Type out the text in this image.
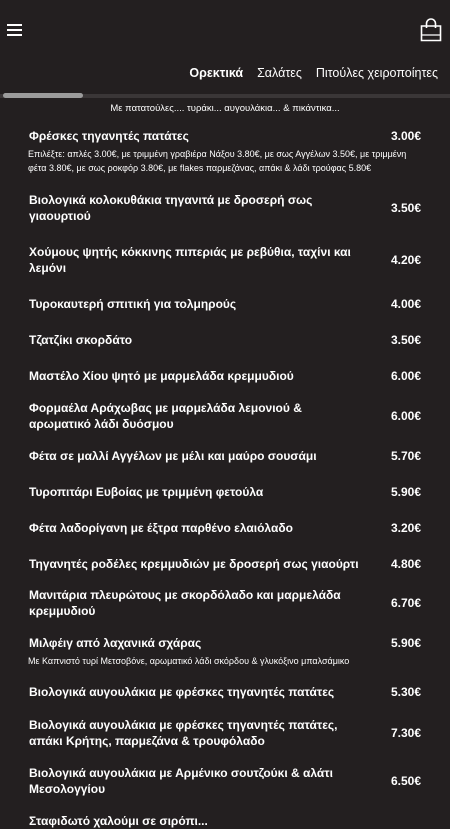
Ορεκτικά Σαλάτες Πιτούλες χειροποίητες
Με πατατούλες.... τυράκι... αυγουλάκια... & πικάντικα...
Φρέσκες τηγανητές πατάτες	3.00€
Επιλέξτε: απλές 3.00€, με τριμμένη γραβιέρα Νάξου 3.80€, με σως Αγγέλων 3.50€, με τριμμένη φέτα 3.80€, με σως ροκφόρ 3.80€, με flakes παρμεζάνας, απάκι & λάδι τρούφας 5.80€
Βιολογικά κολοκυθάκια τηγανιτά με δροσερή σως γιαουρτιού
3.50€
Χούμους ψητής κόκκινης πιπεριάς με ρεβύθια, ταχίνι και λεμόνι
4.20€
Τυροκαυτερή σπιτική για τολμηρούς	4.00€
Τζατζίκι σκορδάτο	3.50€
Μαστέλο Χίου ψητό με μαρμελάδα κρεμμυδιού	6.00€
Φορμαέλα Αράχωβας με μαρμελάδα λεμονιού & αρωματικό λάδι δυόσμου
6.00€
Φέτα σε μαλλί Αγγέλων με μέλι και μαύρο σουσάμι	5.70€
Τυροπιτάρι Ευβοίας με τριμμένη φετούλα	5.90€
Φέτα λαδορίγανη με έξτρα παρθένο ελαιόλαδο	3.20€
Τηγανητές ροδέλες κρεμμυδιών με δροσερή σως γιαούρτι	4.80€
Μανιτάρια πλευρώτους με σκορδόλαδο και μαρμελάδα κρεμμυδιού
6.70€
Μιλφέιγ από λαχανικά σχάρας	5.90€
Με Καπνιστό τυρί Μετσοβόνε, αρωματικό λάδι σκόρδου & γλυκόξινο μπαλσάμικο
Βιολογικά αυγουλάκια με φρέσκες τηγανητές πατάτες	5.30€
Βιολογικά αυγουλάκια με φρέσκες τηγανητές πατάτες, απάκι Κρήτης, παρμεζάνα & τρουφόλαδο
7.30€
Βιολογικά αυγουλάκια με Αρμένικο σουτζούκι & αλάτι Μεσολογγίου
6.50€
Σταφιδωτό χαλούμι σε σιρόπι...
